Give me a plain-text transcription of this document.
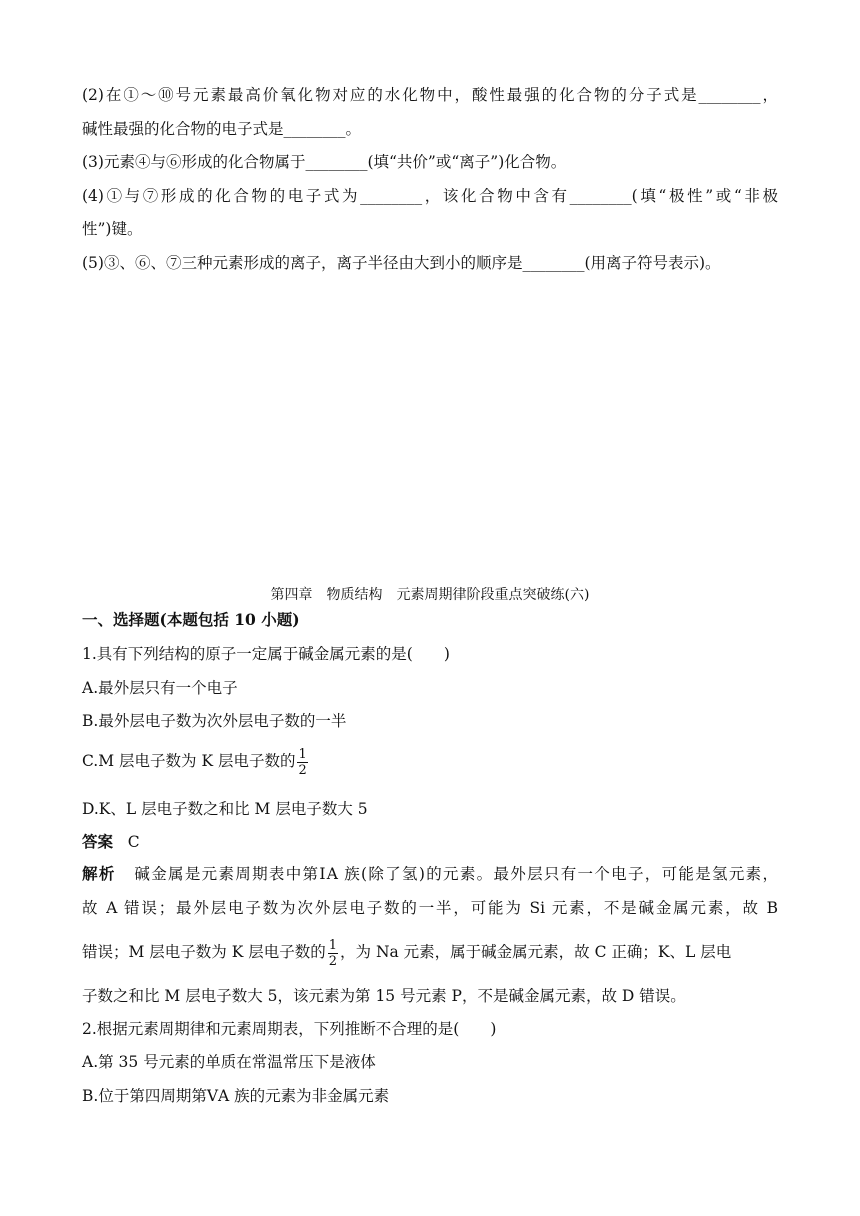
(2)在①～⑩号元素最高价氧化物对应的水化物中，酸性最强的化合物的分子式是________，
碱性最强的化合物的电子式是________。
(3)元素④与⑥形成的化合物属于________(填“共价”或“离子”)化合物。
(4)①与⑦形成的化合物的电子式为________，该化合物中含有________(填“极性”或“非极
性”)键。
(5)③、⑥、⑦三种元素形成的离子，离子半径由大到小的顺序是________(用离子符号表示)。
第四章　物质结构　元素周期律阶段重点突破练(六)
一、选择题(本题包括 10 小题)
1.具有下列结构的原子一定属于碱金属元素的是(　　)
A.最外层只有一个电子
B.最外层电子数为次外层电子数的一半
C.M 层电子数为 K 层电子数的 $\frac{1}{2}$
D.K、L 层电子数之和比 M 层电子数大 5
答案 C
解析 碱金属是元素周期表中第ⅠA 族(除了氢)的元素。最外层只有一个电子，可能是氢元素，
故 A 错误；最外层电子数为次外层电子数的一半，可能为 Si 元素，不是碱金属元素，故 B
错误；M 层电子数为 K 层电子数的 $\frac{1}{2}$ ，为 Na 元素，属于碱金属元素，故 C 正确；K、L 层电
子数之和比 M 层电子数大 5，该元素为第 15 号元素 P，不是碱金属元素，故 D 错误。
2.根据元素周期律和元素周期表，下列推断不合理的是(　　)
A.第 35 号元素的单质在常温常压下是液体
B.位于第四周期第ⅤA 族的元素为非金属元素
